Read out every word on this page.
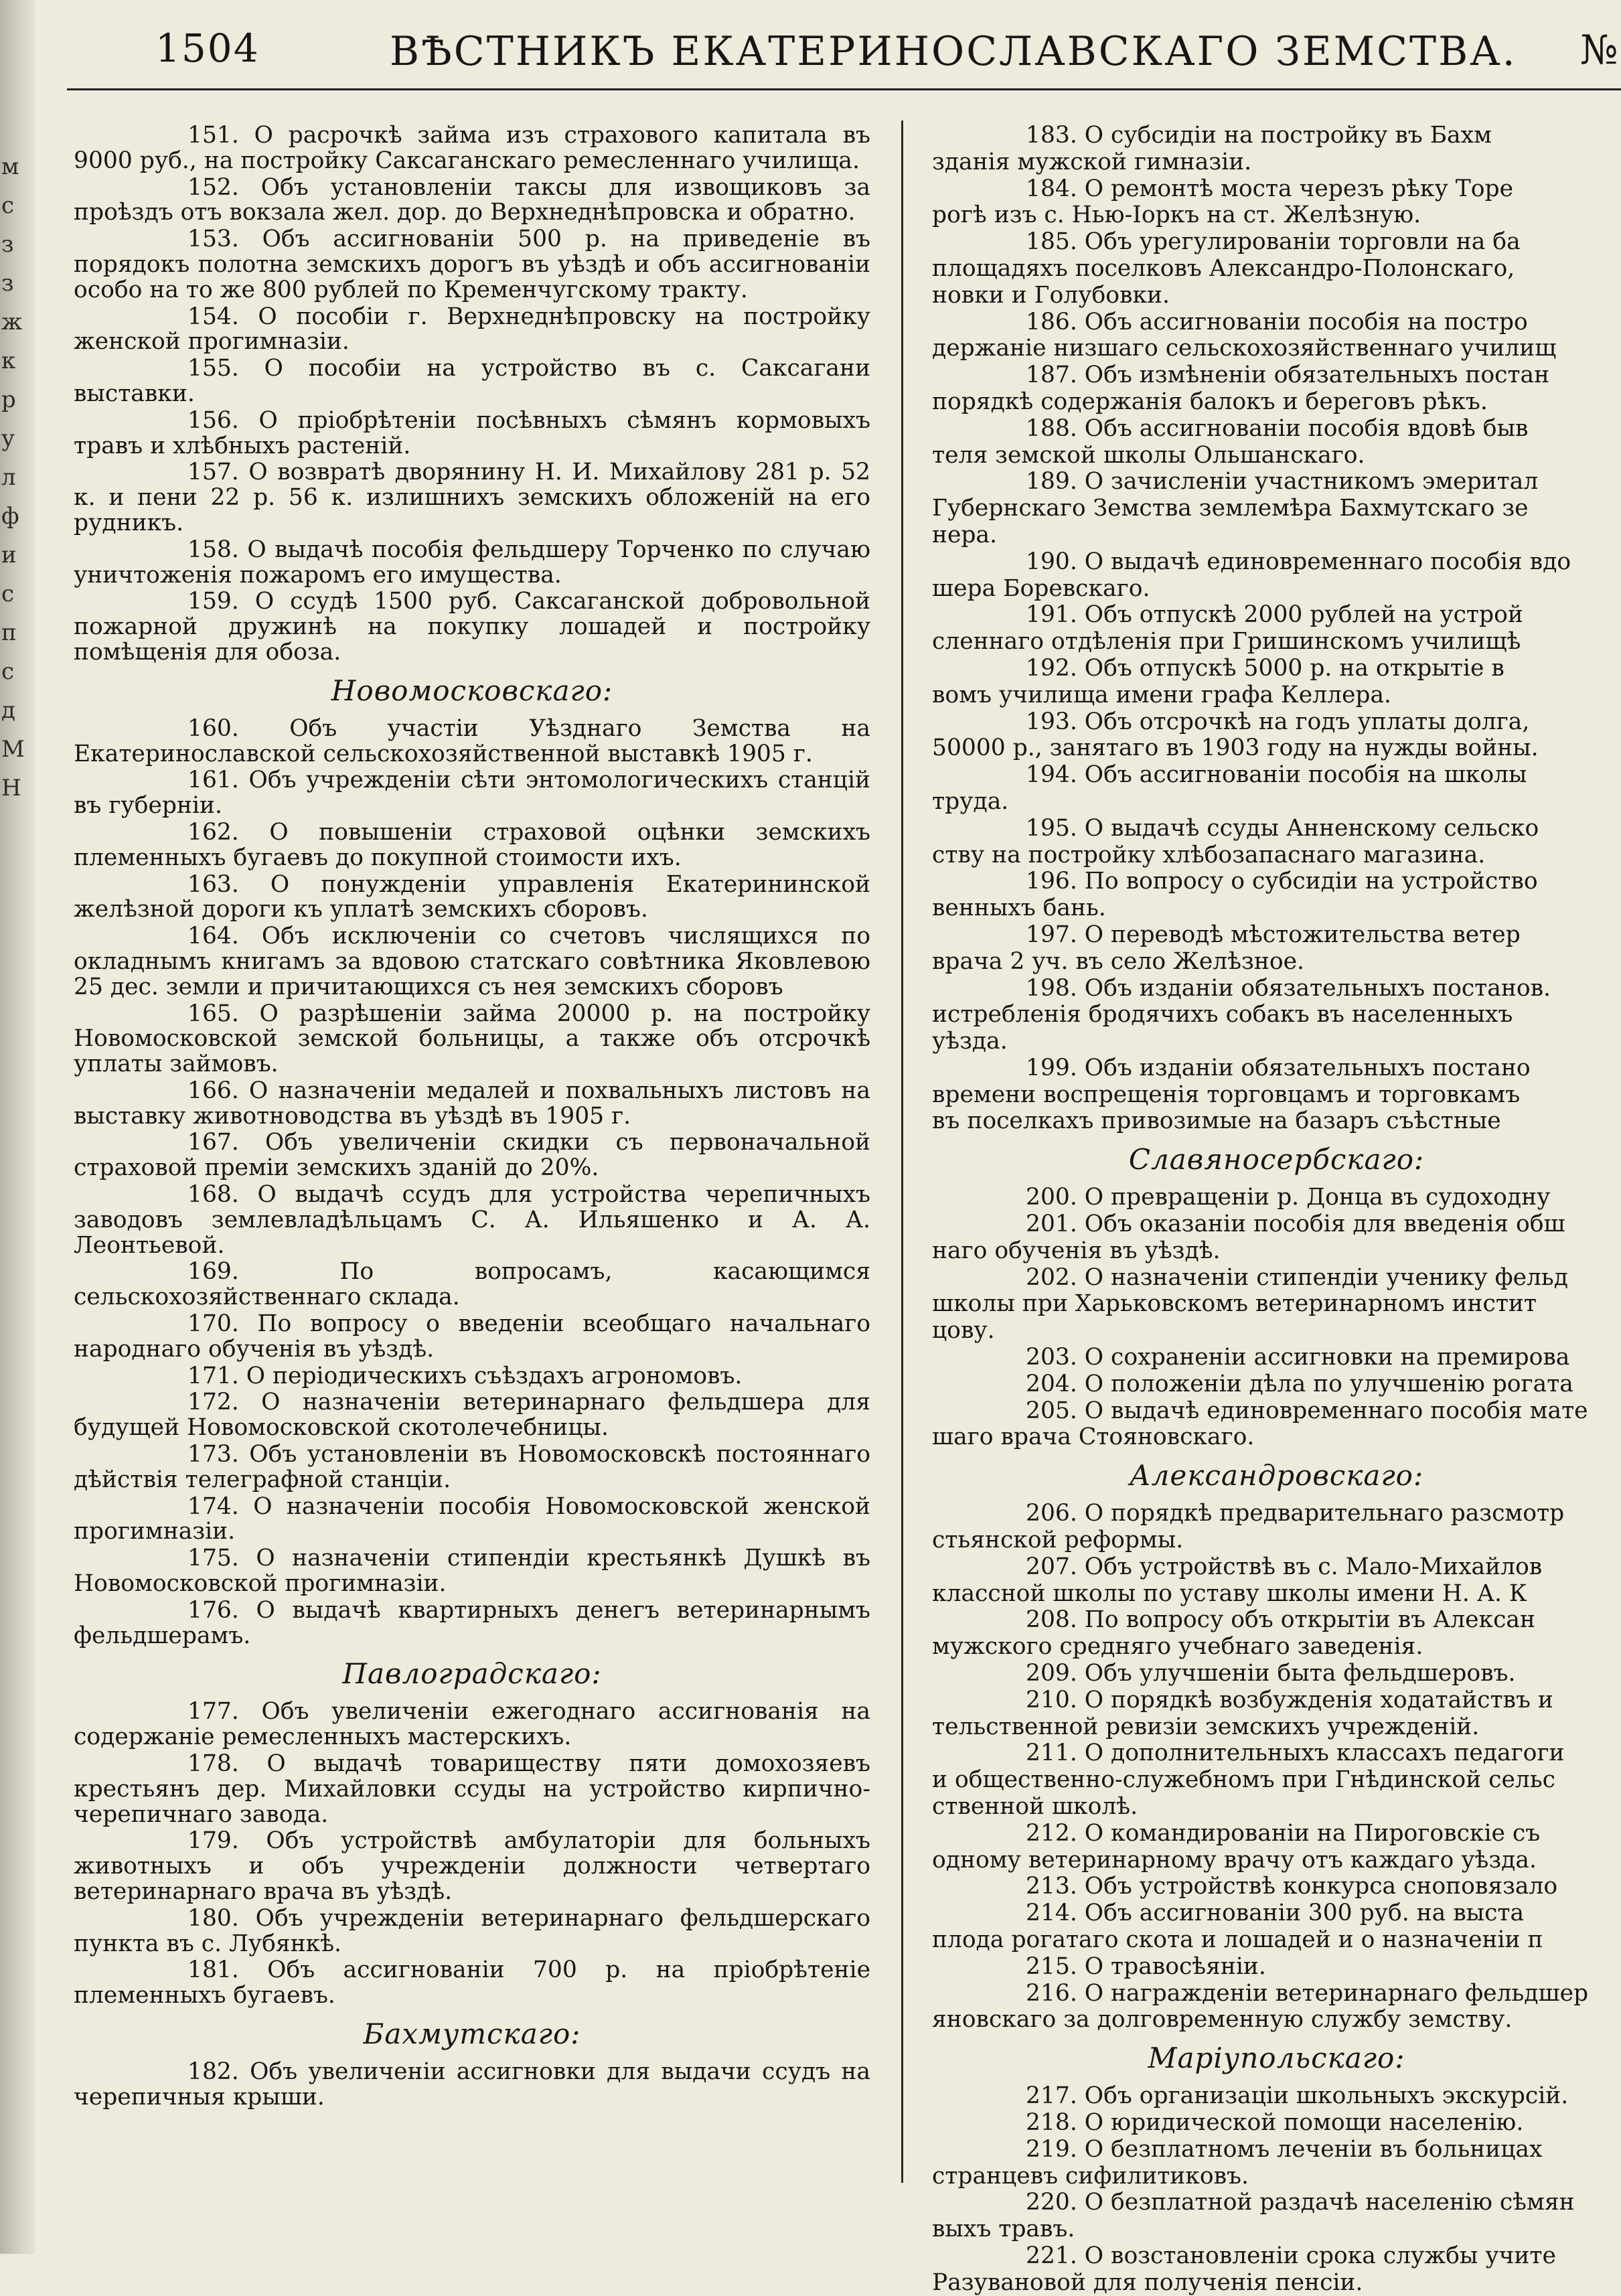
м
с
з
з
ж
к
р
у
л
ф
и
с
п
с
д
М
Н
1504	ВѢСТНИКЪ ЕКАТЕРИНОСЛАВСКАГО ЗЕМСТВА. №
151. О расрочкѣ займа изъ страхового капитала въ 9000 руб., на постройку Саксаганскаго ремесленнаго училища.
152. Объ установленіи таксы для извощиковъ за проѣздъ отъ вокзала жел. дор. до Верхнеднѣпровска и обратно.
153. Объ ассигнованіи 500 р. на приведеніе въ порядокъ полотна земскихъ дорогъ въ уѣздѣ и объ ассигнованіи особо на то же 800 рублей по Кременчугскому тракту.
154. О пособіи г. Верхнеднѣпровску на постройку женской прогимназіи.
155. О пособіи на устройство въ с. Саксагани выставки.
156. О пріобрѣтеніи посѣвныхъ сѣмянъ кормовыхъ травъ и хлѣбныхъ растеній.
157. О возвратѣ дворянину Н. И. Михайлову 281 р. 52 к. и пени 22 р. 56 к. излишнихъ земскихъ обложеній на его рудникъ.
158. О выдачѣ пособія фельдшеру Торченко по случаю уничтоженія пожаромъ его имущества.
159. О ссудѣ 1500 руб. Саксаганской добровольной пожарной дружинѣ на покупку лошадей и постройку помѣщенія для обоза.
Новомосковскаго:
160. Объ участіи Уѣзднаго Земства на Екатеринославской сельскохозяйственной выставкѣ 1905 г.
161. Объ учрежденіи сѣти энтомологическихъ станцій въ губерніи.
162. О повышеніи страховой оцѣнки земскихъ племенныхъ бугаевъ до покупной стоимости ихъ.
163. О понужденіи управленія Екатерининской желѣзной дороги къ уплатѣ земскихъ сборовъ.
164. Объ исключеніи со счетовъ числящихся по окладнымъ книгамъ за вдовою статскаго совѣтника Яковлевою 25 дес. земли и причитающихся съ нея земскихъ сборовъ
165. О разрѣшеніи займа 20000 р. на постройку Новомосковской земской больницы, а также объ отсрочкѣ уплаты займовъ.
166. О назначеніи медалей и похвальныхъ листовъ на выставку животноводства въ уѣздѣ въ 1905 г.
167. Объ увеличеніи скидки съ первоначальной страховой преміи земскихъ зданій до 20%.
168. О выдачѣ ссудъ для устройства черепичныхъ заводовъ землевладѣльцамъ С. А. Ильяшенко и А. А. Леонтьевой.
169. По вопросамъ, касающимся сельскохозяйственнаго склада.
170. По вопросу о введеніи всеобщаго начальнаго народнаго обученія въ уѣздѣ.
171. О періодическихъ съѣздахъ агрономовъ.
172. О назначеніи ветеринарнаго фельдшера для будущей Новомосковской скотолечебницы.
173. Объ установленіи въ Новомосковскѣ постояннаго дѣйствія телеграфной станціи.
174. О назначеніи пособія Новомосковской женской прогимназіи.
175. О назначеніи стипендіи крестьянкѣ Душкѣ въ Новомосковской прогимназіи.
176. О выдачѣ квартирныхъ денегъ ветеринарнымъ фельдшерамъ.
Павлоградскаго:
177. Объ увеличеніи ежегоднаго ассигнованія на содержаніе ремесленныхъ мастерскихъ.
178. О выдачѣ товариществу пяти домохозяевъ крестьянъ дер. Михайловки ссуды на устройство кирпично-черепичнаго завода.
179. Объ устройствѣ амбулаторіи для больныхъ животныхъ и объ учрежденіи должности четвертаго ветеринарнаго врача въ уѣздѣ.
180. Объ учрежденіи ветеринарнаго фельдшерскаго пункта въ с. Лубянкѣ.
181. Объ ассигнованіи 700 р. на пріобрѣтеніе племенныхъ бугаевъ.
Бахмутскаго:
182. Объ увеличеніи ассигновки для выдачи ссудъ на черепичныя крыши.
183. О субсидіи на постройку въ Бахм
зданія мужской гимназіи.
184. О ремонтѣ моста черезъ рѣку Торе
рогѣ изъ с. Нью-Іоркъ на ст. Желѣзную.
185. Объ урегулированіи торговли на ба
площадяхъ поселковъ Александро-Полонскаго,
новки и Голубовки.
186. Объ ассигнованіи пособія на постро
держаніе низшаго сельскохозяйственнаго училищ
187. Объ измѣненіи обязательныхъ постан
порядкѣ содержанія балокъ и береговъ рѣкъ.
188. Объ ассигнованіи пособія вдовѣ быв
теля земской школы Ольшанскаго.
189. О зачисленіи участникомъ эмеритал
Губернскаго Земства землемѣра Бахмутскаго зе
нера.
190. О выдачѣ единовременнаго пособія вдо
шера Боревскаго.
191. Объ отпускѣ 2000 рублей на устрой
сленнаго отдѣленія при Гришинскомъ училищѣ
192. Объ отпускѣ 5000 р. на открытіе в
вомъ училища имени графа Келлера.
193. Объ отсрочкѣ на годъ уплаты долга,
50000 р., занятаго въ 1903 году на нужды войны.
194. Объ ассигнованіи пособія на школы
труда.
195. О выдачѣ ссуды Анненскому сельско
ству на постройку хлѣбозапаснаго магазина.
196. По вопросу о субсидіи на устройство
венныхъ бань.
197. О переводѣ мѣстожительства ветер
врача 2 уч. въ село Желѣзное.
198. Объ изданіи обязательныхъ постанов.
истребленія бродячихъ собакъ въ населенныхъ
уѣзда.
199. Объ изданіи обязательныхъ постано
времени воспрещенія торговцамъ и торговкамъ
въ поселкахъ привозимые на базаръ съѣстные
Славяносербскаго:
200. О превращеніи р. Донца въ судоходну
201. Объ оказаніи пособія для введенія обш
наго обученія въ уѣздѣ.
202. О назначеніи стипендіи ученику фельд
школы при Харьковскомъ ветеринарномъ инстит
цову.
203. О сохраненіи ассигновки на премирова
204. О положеніи дѣла по улучшенію рогата
205. О выдачѣ единовременнаго пособія мате
шаго врача Стояновскаго.
Александровскаго:
206. О порядкѣ предварительнаго разсмотр
стьянской реформы.
207. Объ устройствѣ въ с. Мало-Михайлов
классной школы по уставу школы имени Н. А. К
208. По вопросу объ открытіи въ Алексан
мужского средняго учебнаго заведенія.
209. Объ улучшеніи быта фельдшеровъ.
210. О порядкѣ возбужденія ходатайствъ и
тельственной ревизіи земскихъ учрежденій.
211. О дополнительныхъ классахъ педагоги
и общественно-служебномъ при Гнѣдинской сельс
ственной школѣ.
212. О командированіи на Пироговскіе съ
одному ветеринарному врачу отъ каждаго уѣзда.
213. Объ устройствѣ конкурса сноповязало
214. Объ ассигнованіи 300 руб. на выста
плода рогатаго скота и лошадей и о назначеніи п
215. О травосѣяніи.
216. О награжденіи ветеринарнаго фельдшер
яновскаго за долговременную службу земству.
Маріупольскаго:
217. Объ организаціи школьныхъ экскурсій.
218. О юридической помощи населенію.
219. О безплатномъ леченіи въ больницах
странцевъ сифилитиковъ.
220. О безплатной раздачѣ населенію сѣмян
выхъ травъ.
221. О возстановленіи срока службы учите
Разувановой для полученія пенсіи.
